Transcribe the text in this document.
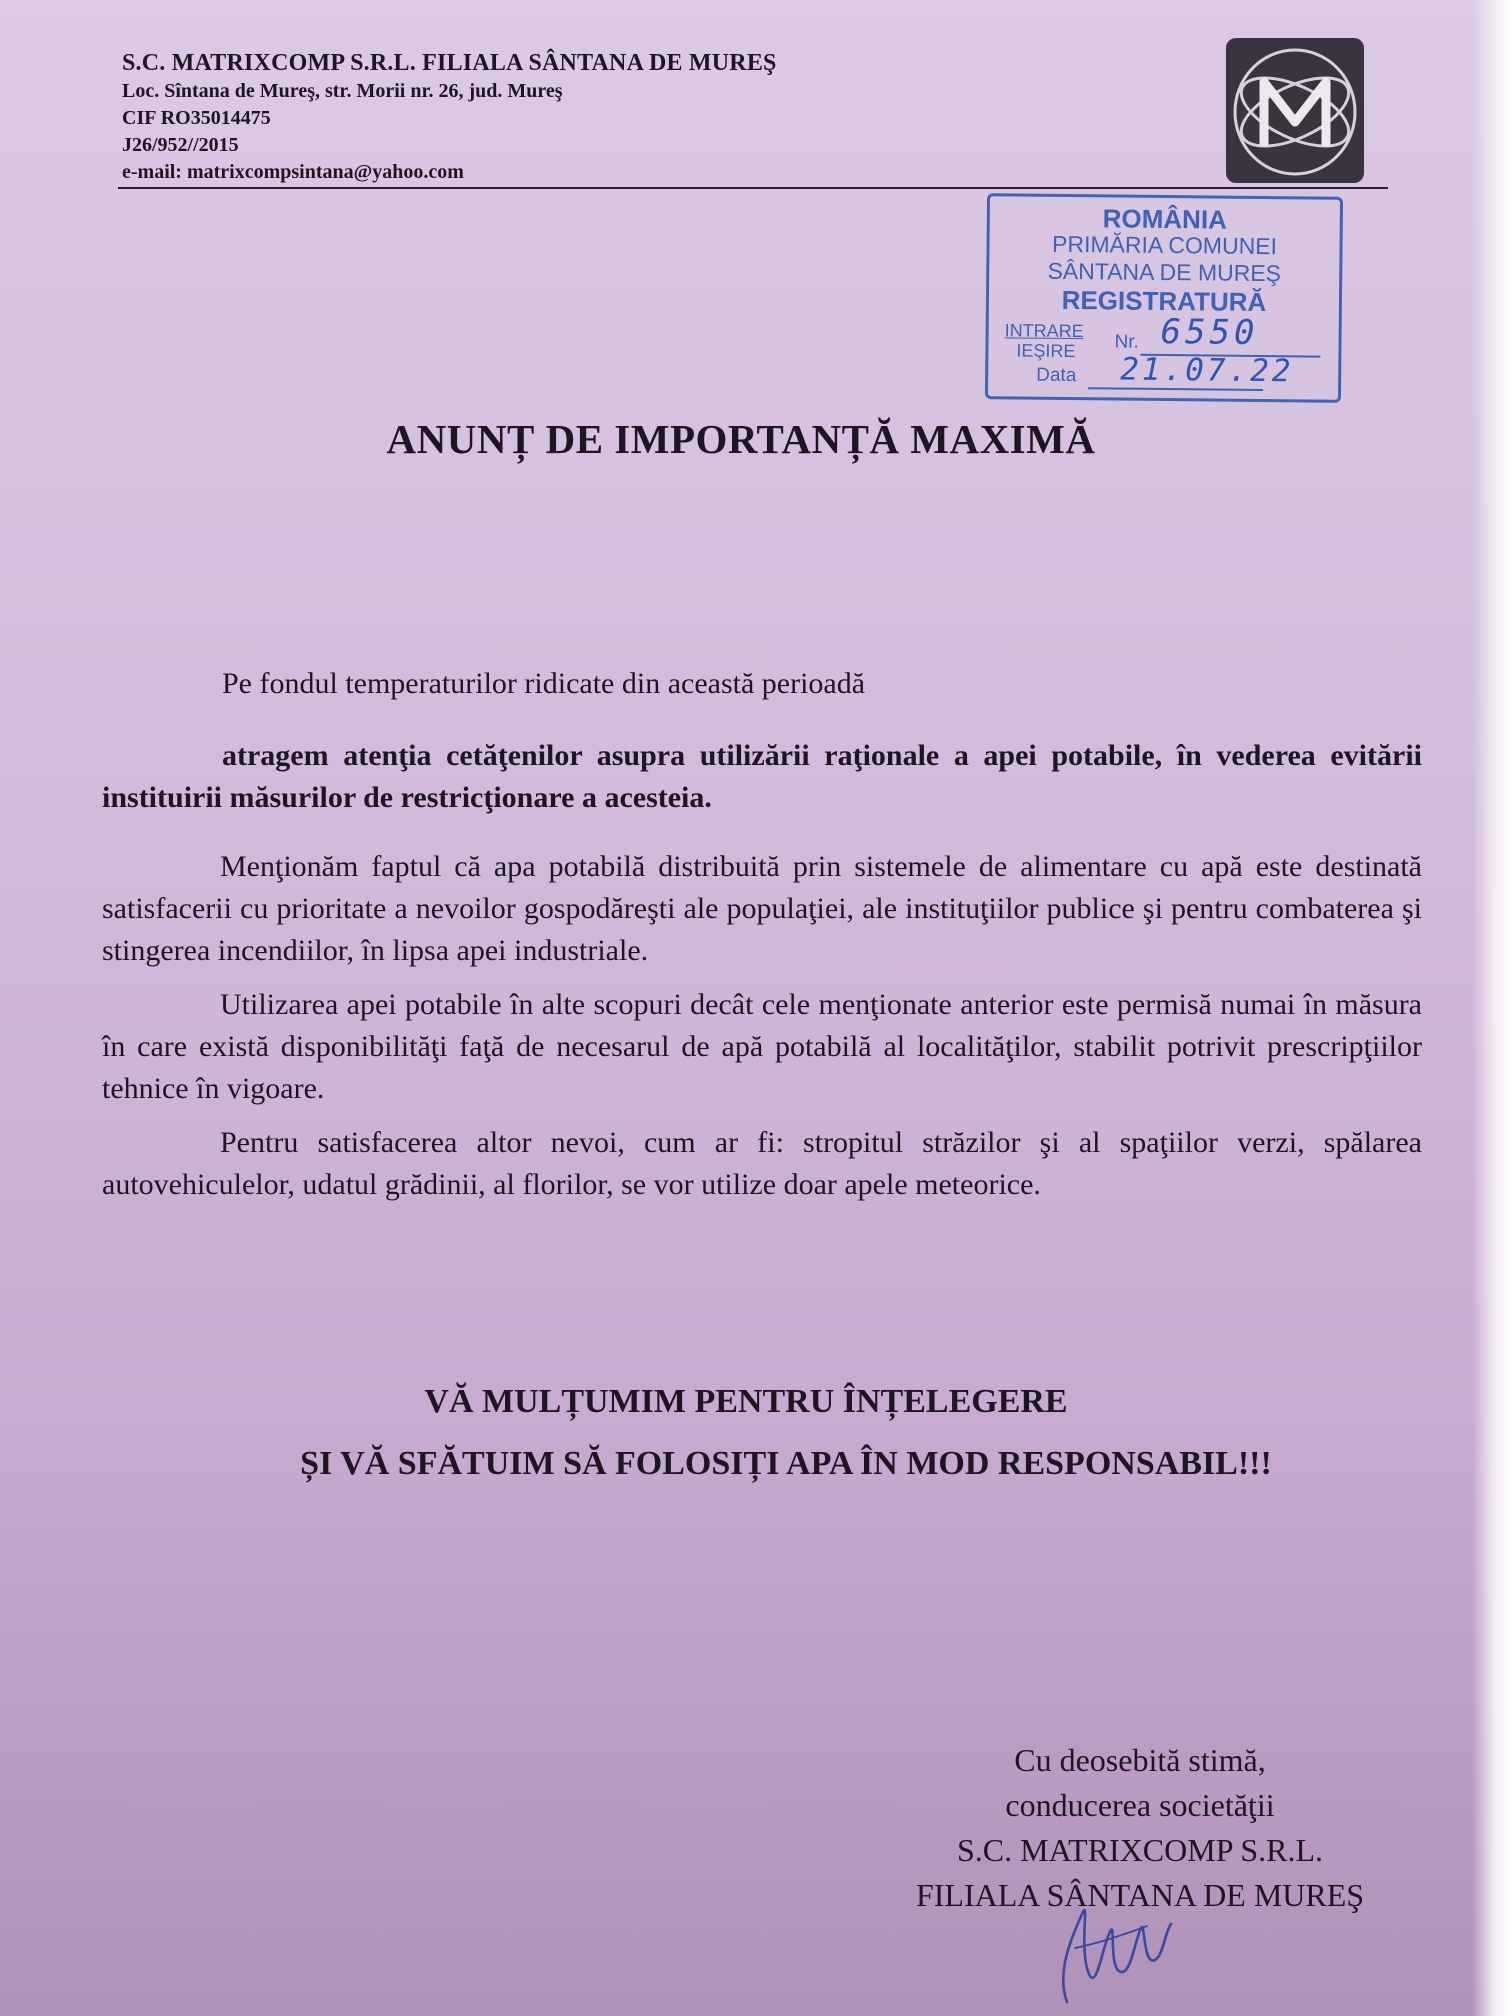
S.C. MATRIXCOMP S.R.L. FILIALA SÂNTANA DE MUREŞ
Loc. Sîntana de Mureş, str. Morii nr. 26, jud. Mureş
CIF RO35014475
J26/952//2015
e-mail: matrixcompsintana@yahoo.com
ROMÂNIA
PRIMĂRIA COMUNEI
SÂNTANA DE MUREŞ
REGISTRATURĂ
INTRARE
IEŞIRE Nr. 6550
Data 21.07.22
ANUNȚ DE IMPORTANȚĂ MAXIMĂ
Pe fondul temperaturilor ridicate din această perioadă
atragem atenţia cetăţenilor asupra utilizării raţionale a apei potabile, în vederea evitării instituirii măsurilor de restricţionare a acesteia.
Menţionăm faptul că apa potabilă distribuită prin sistemele de alimentare cu apă este destinată satisfacerii cu prioritate a nevoilor gospodăreşti ale populaţiei, ale instituţiilor publice şi pentru combaterea şi stingerea incendiilor, în lipsa apei industriale.
Utilizarea apei potabile în alte scopuri decât cele menţionate anterior este permisă numai în măsura în care există disponibilităţi faţă de necesarul de apă potabilă al localităţilor, stabilit potrivit prescripţiilor tehnice în vigoare.
Pentru satisfacerea altor nevoi, cum ar fi: stropitul străzilor şi al spaţiilor verzi, spălarea autovehiculelor, udatul grădinii, al florilor, se vor utilize doar apele meteorice.
VĂ MULȚUMIM PENTRU ÎNȚELEGERE
ȘI VĂ SFĂTUIM SĂ FOLOSIȚI APA ÎN MOD RESPONSABIL!!!
Cu deosebită stimă,
conducerea societăţii
S.C. MATRIXCOMP S.R.L.
FILIALA SÂNTANA DE MUREŞ
